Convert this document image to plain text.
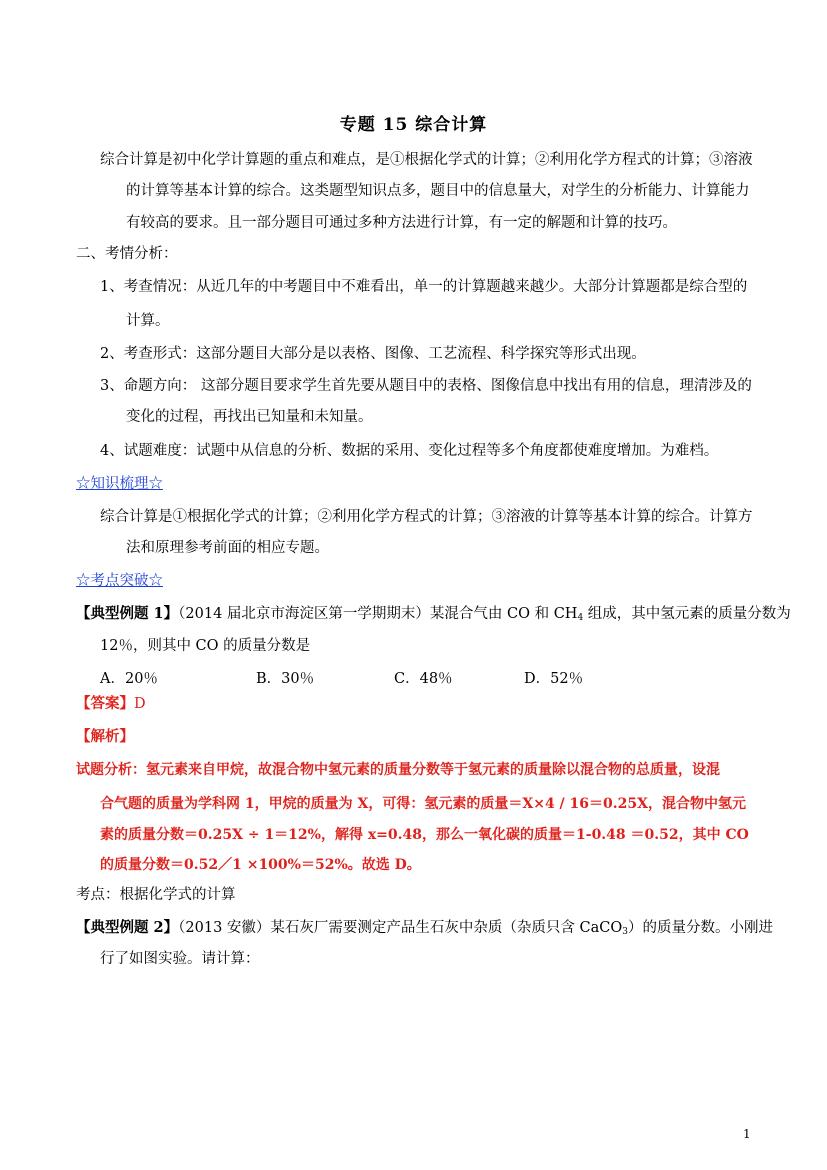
专题 15 综合计算
综合计算是初中化学计算题的重点和难点，是①根据化学式的计算；②利用化学方程式的计算；③溶液
的计算等基本计算的综合。这类题型知识点多，题目中的信息量大，对学生的分析能力、计算能力
有较高的要求。且一部分题目可通过多种方法进行计算，有一定的解题和计算的技巧。
二、考情分析：
1、考查情况：从近几年的中考题目中不难看出，单一的计算题越来越少。大部分计算题都是综合型的
计算。
2、考查形式：这部分题目大部分是以表格、图像、工艺流程、科学探究等形式出现。
3、命题方向： 这部分题目要求学生首先要从题目中的表格、图像信息中找出有用的信息，理清涉及的
变化的过程，再找出已知量和未知量。
4、试题难度：试题中从信息的分析、数据的采用、变化过程等多个角度都使难度增加。为难档。
☆知识梳理☆
综合计算是①根据化学式的计算；②利用化学方程式的计算；③溶液的计算等基本计算的综合。计算方
法和原理参考前面的相应专题。
☆考点突破☆
【典型例题 1】（2014 届北京市海淀区第一学期期末）某混合气由 CO 和 $CH_4$ 组成，其中氢元素的质量分数为
12％，则其中 CO 的质量分数是
A．20％	B．30％	C．48％	D．52％
【答案】D
【解析】
试题分析：氢元素来自甲烷，故混合物中氢元素的质量分数等于氢元素的质量除以混合物的总质量，设混
合气题的质量为学科网 1，甲烷的质量为 X，可得：氢元素的质量＝X×4 / 16＝0.25X，混合物中氢元
素的质量分数＝0.25X ÷ 1＝12%，解得 x=0.48，那么一氧化碳的质量＝1-0.48 ＝0.52，其中 CO
的质量分数＝0.52／1 ×100%＝52%。故选 D。
考点：根据化学式的计算
【典型例题 2】（2013 安徽）某石灰厂需要测定产品生石灰中杂质（杂质只含 CaCO$_3$）的质量分数。小刚进
行了如图实验。请计算：
1
